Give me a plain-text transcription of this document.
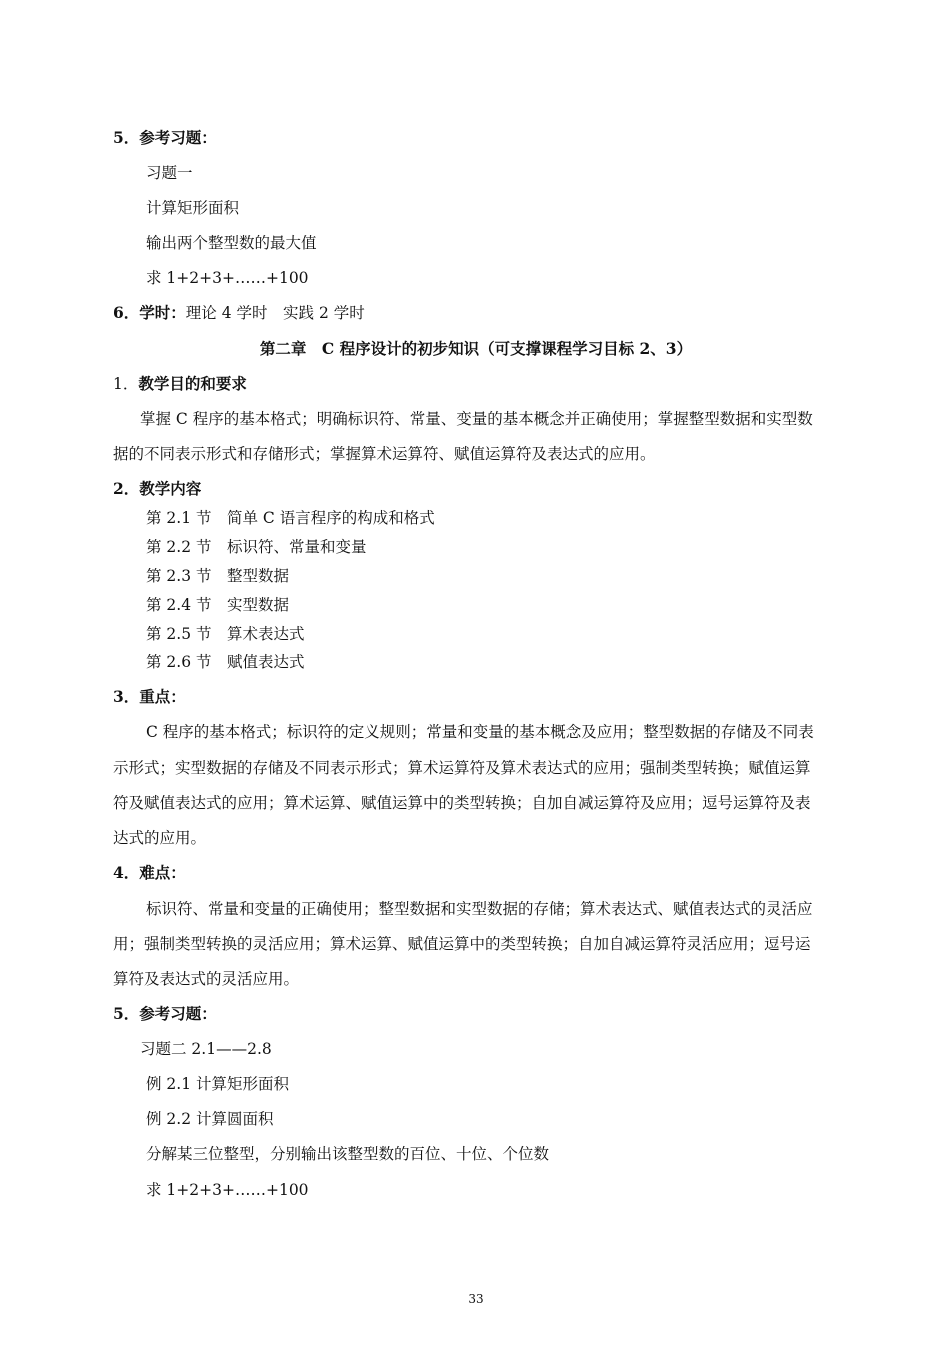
5．参考习题：
习题一
计算矩形面积
输出两个整型数的最大值
求 1+2+3+……+100
6．学时：理论 4 学时　实践 2 学时
第二章　C 程序设计的初步知识（可支撑课程学习目标 2、3）
1．教学目的和要求
掌握 C 程序的基本格式；明确标识符、常量、变量的基本概念并正确使用；掌握整型数据和实型数
据的不同表示形式和存储形式；掌握算术运算符、赋值运算符及表达式的应用。
2．教学内容
第 2.1 节 简单 C 语言程序的构成和格式
第 2.2 节 标识符、常量和变量
第 2.3 节 整型数据
第 2.4 节 实型数据
第 2.5 节 算术表达式
第 2.6 节 赋值表达式
3．重点：
C 程序的基本格式；标识符的定义规则；常量和变量的基本概念及应用；整型数据的存储及不同表
示形式；实型数据的存储及不同表示形式；算术运算符及算术表达式的应用；强制类型转换；赋值运算
符及赋值表达式的应用；算术运算、赋值运算中的类型转换；自加自减运算符及应用；逗号运算符及表
达式的应用。
4．难点：
标识符、常量和变量的正确使用；整型数据和实型数据的存储；算术表达式、赋值表达式的灵活应
用；强制类型转换的灵活应用；算术运算、赋值运算中的类型转换；自加自减运算符灵活应用；逗号运
算符及表达式的灵活应用。
5．参考习题：
习题二 2.1——2.8
例 2.1 计算矩形面积
例 2.2 计算圆面积
分解某三位整型，分别输出该整型数的百位、十位、个位数
求 1+2+3+……+100
33
